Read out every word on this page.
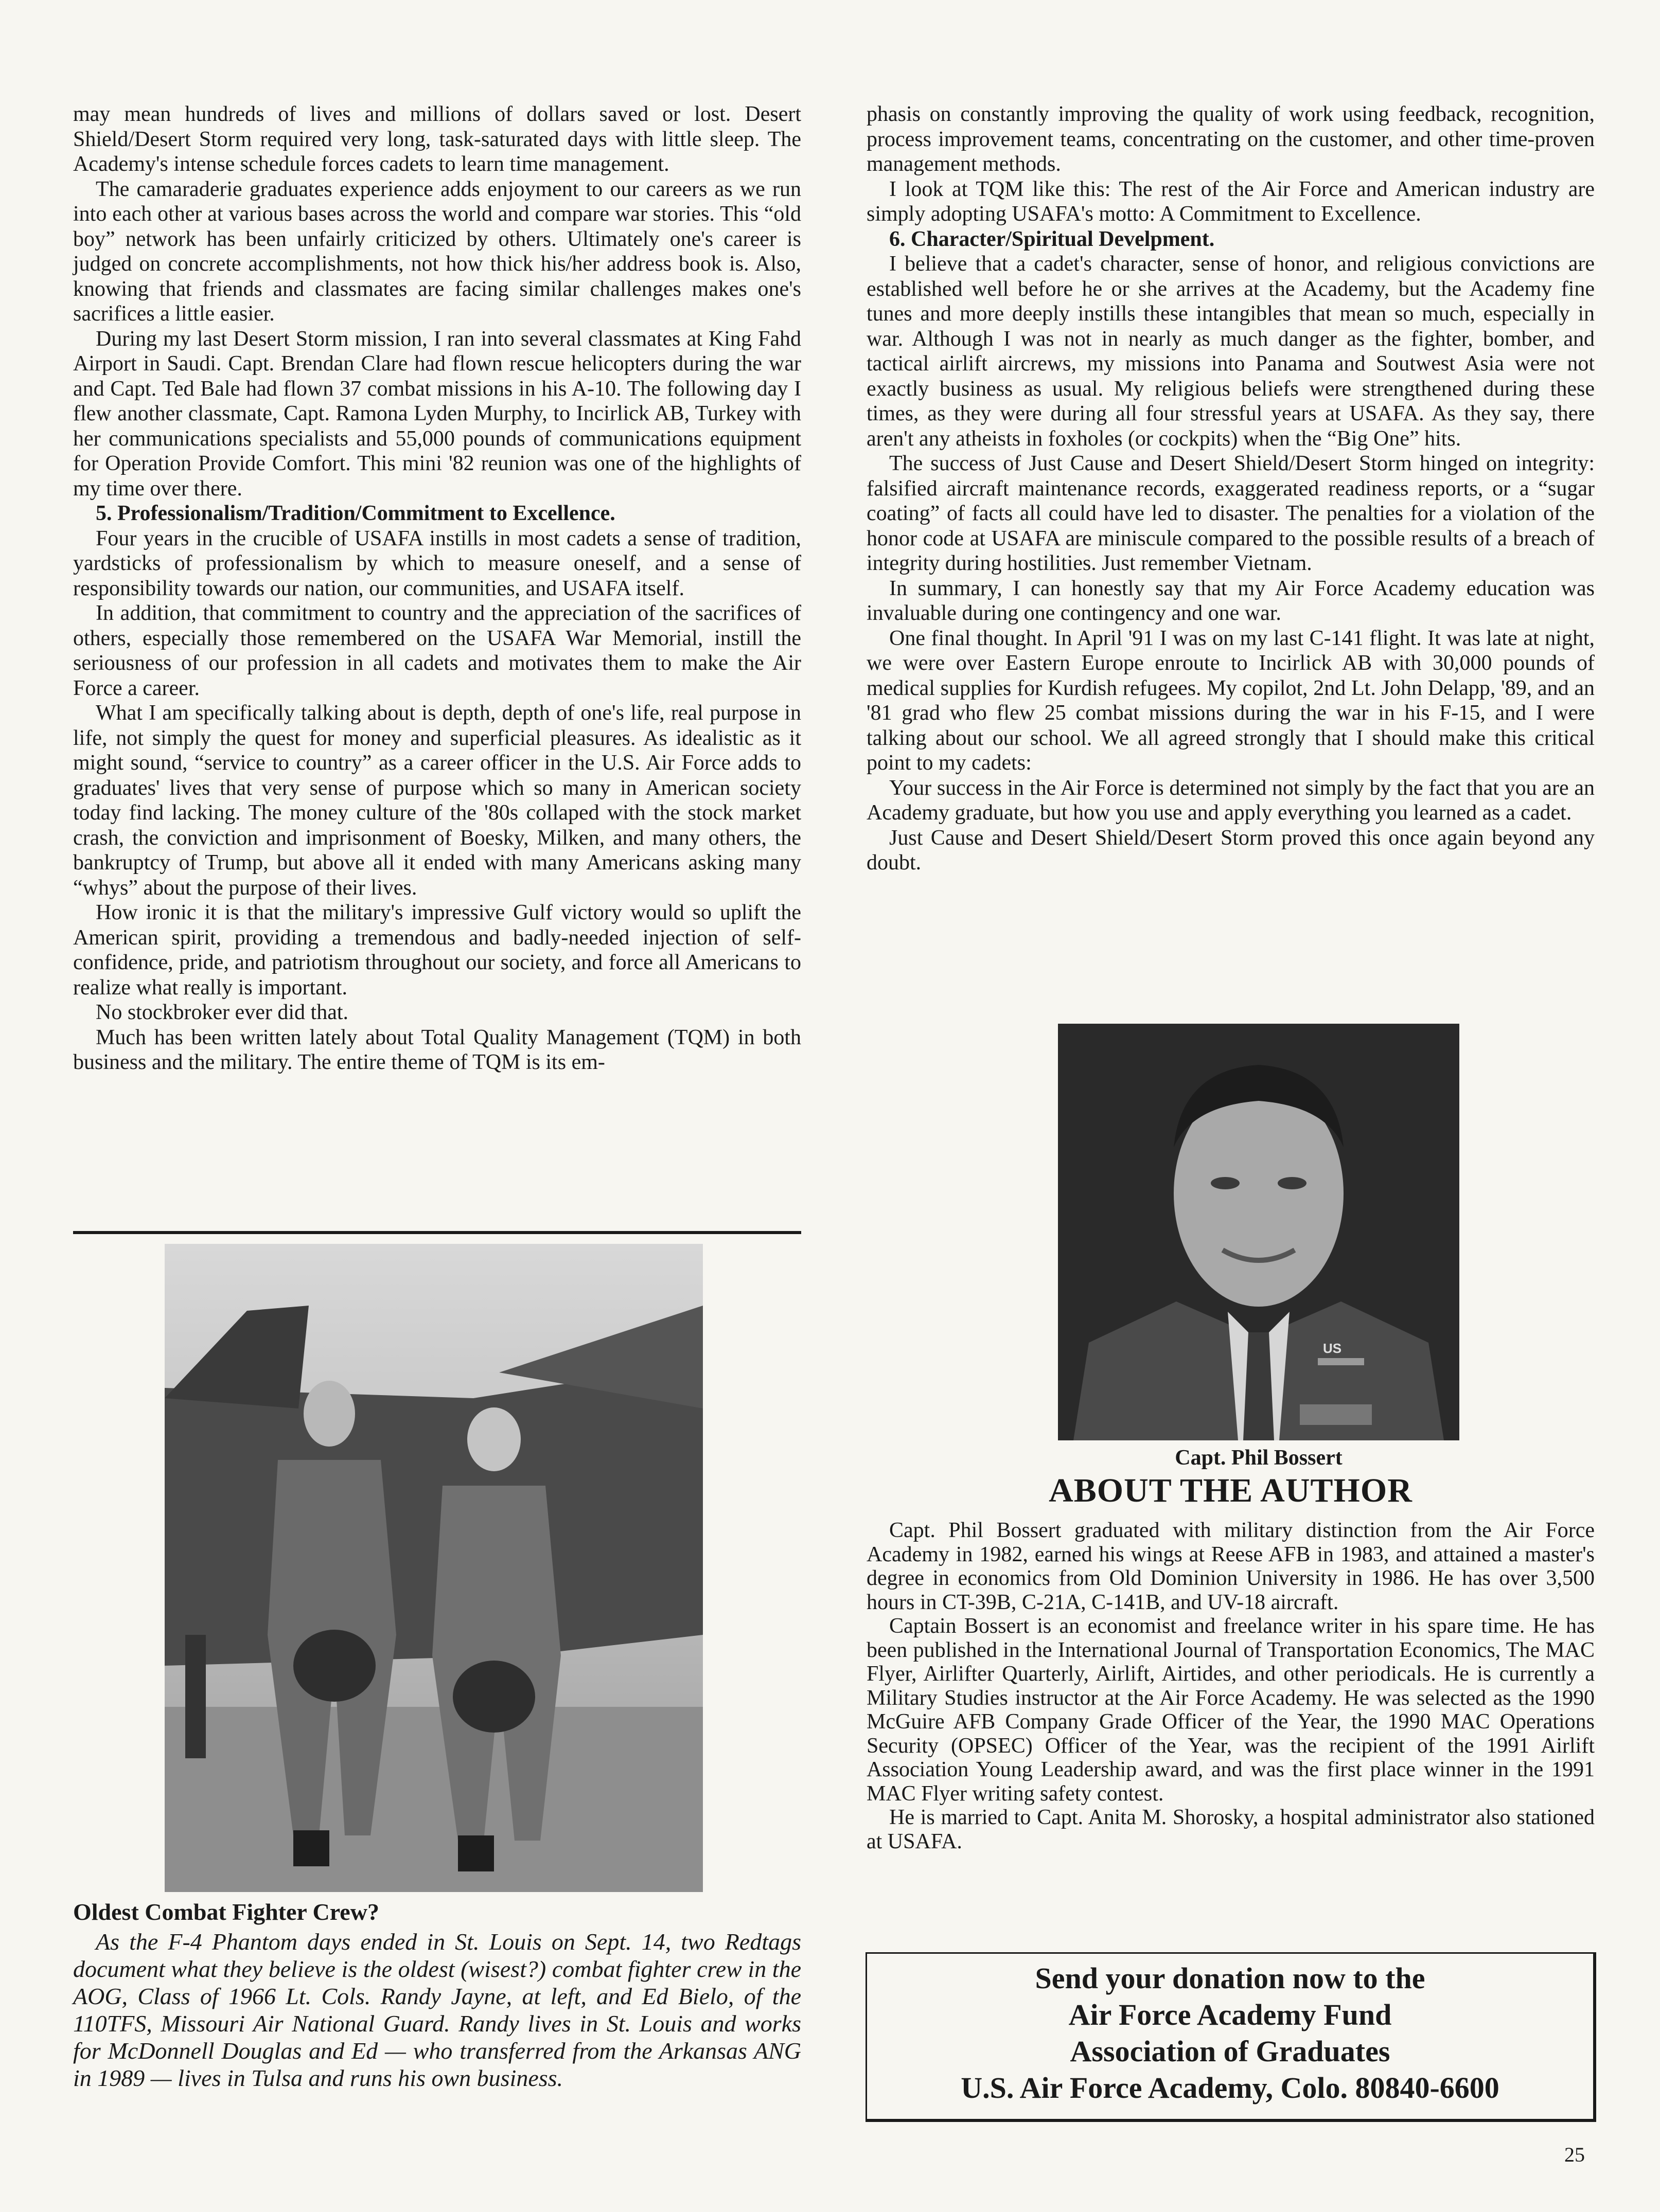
may mean hundreds of lives and millions of dollars saved or lost. Desert Shield/Desert Storm required very long, task-saturated days with little sleep. The Academy's intense schedule forces cadets to learn time management.

The camaraderie graduates experience adds enjoyment to our careers as we run into each other at various bases across the world and compare war stories. This “old boy” network has been unfairly criticized by others. Ultimately one's career is judged on concrete accomplishments, not how thick his/her address book is. Also, knowing that friends and classmates are facing similar challenges makes one's sacrifices a little easier.

During my last Desert Storm mission, I ran into several classmates at King Fahd Airport in Saudi. Capt. Brendan Clare had flown rescue helicopters during the war and Capt. Ted Bale had flown 37 combat missions in his A-10. The following day I flew another classmate, Capt. Ramona Lyden Murphy, to Incirlick AB, Turkey with her communications specialists and 55,000 pounds of communications equipment for Operation Provide Comfort. This mini '82 reunion was one of the highlights of my time over there.

5. Professionalism/Tradition/Commitment to Excellence.

Four years in the crucible of USAFA instills in most cadets a sense of tradition, yardsticks of professionalism by which to measure oneself, and a sense of responsibility towards our nation, our communities, and USAFA itself.

In addition, that commitment to country and the appreciation of the sacrifices of others, especially those remembered on the USAFA War Memorial, instill the seriousness of our profession in all cadets and motivates them to make the Air Force a career.

What I am specifically talking about is depth, depth of one's life, real purpose in life, not simply the quest for money and superficial pleasures. As idealistic as it might sound, “service to country” as a career officer in the U.S. Air Force adds to graduates' lives that very sense of purpose which so many in American society today find lacking. The money culture of the '80s collaped with the stock market crash, the conviction and imprisonment of Boesky, Milken, and many others, the bankruptcy of Trump, but above all it ended with many Americans asking many “whys” about the purpose of their lives.

How ironic it is that the military's impressive Gulf victory would so uplift the American spirit, providing a tremendous and badly-needed injection of self-confidence, pride, and patriotism throughout our society, and force all Americans to realize what really is important.

No stockbroker ever did that.

Much has been written lately about Total Quality Management (TQM) in both business and the military. The entire theme of TQM is its em-

phasis on constantly improving the quality of work using feedback, recognition, process improvement teams, concentrating on the customer, and other time-proven management methods.

I look at TQM like this: The rest of the Air Force and American industry are simply adopting USAFA's motto: A Commitment to Excellence.

6. Character/Spiritual Develpment.

I believe that a cadet's character, sense of honor, and religious convictions are established well before he or she arrives at the Academy, but the Academy fine tunes and more deeply instills these intangibles that mean so much, especially in war. Although I was not in nearly as much danger as the fighter, bomber, and tactical airlift aircrews, my missions into Panama and Soutwest Asia were not exactly business as usual. My religious beliefs were strengthened during these times, as they were during all four stressful years at USAFA. As they say, there aren't any atheists in foxholes (or cockpits) when the “Big One” hits.

The success of Just Cause and Desert Shield/Desert Storm hinged on integrity: falsified aircraft maintenance records, exaggerated readiness reports, or a “sugar coating” of facts all could have led to disaster. The penalties for a violation of the honor code at USAFA are miniscule compared to the possible results of a breach of integrity during hostilities. Just remember Vietnam.

In summary, I can honestly say that my Air Force Academy education was invaluable during one contingency and one war.

One final thought. In April '91 I was on my last C-141 flight. It was late at night, we were over Eastern Europe enroute to Incirlick AB with 30,000 pounds of medical supplies for Kurdish refugees. My copilot, 2nd Lt. John Delapp, '89, and an '81 grad who flew 25 combat missions during the war in his F-15, and I were talking about our school. We all agreed strongly that I should make this critical point to my cadets:

Your success in the Air Force is determined not simply by the fact that you are an Academy graduate, but how you use and apply everything you learned as a cadet.

Just Cause and Desert Shield/Desert Storm proved this once again beyond any doubt.

Oldest Combat Fighter Crew?
As the F-4 Phantom days ended in St. Louis on Sept. 14, two Redtags document what they believe is the oldest (wisest?) combat fighter crew in the AOG, Class of 1966 Lt. Cols. Randy Jayne, at left, and Ed Bielo, of the 110TFS, Missouri Air National Guard. Randy lives in St. Louis and works for McDonnell Douglas and Ed — who transferred from the Arkansas ANG in 1989 — lives in Tulsa and runs his own business.
US
Capt. Phil Bossert
ABOUT THE AUTHOR

Capt. Phil Bossert graduated with military distinction from the Air Force Academy in 1982, earned his wings at Reese AFB in 1983, and attained a master's degree in economics from Old Dominion University in 1986. He has over 3,500 hours in CT-39B, C-21A, C-141B, and UV-18 aircraft.

Captain Bossert is an economist and freelance writer in his spare time. He has been published in the International Journal of Transportation Economics, The MAC Flyer, Airlifter Quarterly, Airlift, Airtides, and other periodicals. He is currently a Military Studies instructor at the Air Force Academy. He was selected as the 1990 McGuire AFB Company Grade Officer of the Year, the 1990 MAC Operations Security (OPSEC) Officer of the Year, was the recipient of the 1991 Airlift Association Young Leadership award, and was the first place winner in the 1991 MAC Flyer writing safety contest.

He is married to Capt. Anita M. Shorosky, a hospital administrator also stationed at USAFA.

Send your donation now to the
Air Force Academy Fund
Association of Graduates
U.S. Air Force Academy, Colo. 80840-6600
25
